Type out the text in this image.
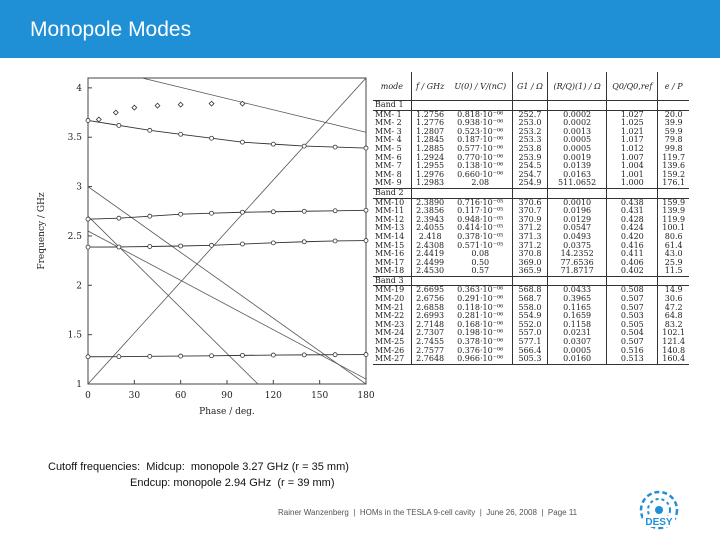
Monopole Modes
0	30	60	90	120	150	180
1
1.5
2
2.5
3
3.5
4
Phase / deg.
Frequency / GHz
mode	f / GHz	U(0) / V/(nC)	G1 / Ω	(R/Q)(1) / Ω	Q0/Q0,ref	e / P
Band 1						
MM- 1	1.2756	0.818·10⁻⁰⁶	252.7	0.0002	1.027	20.0
MM- 2	1.2776	0.938·10⁻⁰⁶	253.0	0.0002	1.025	39.9
MM- 3	1.2807	0.523·10⁻⁰⁶	253.2	0.0013	1.021	59.9
MM- 4	1.2845	0.187·10⁻⁰⁶	253.3	0.0005	1.017	79.8
MM- 5	1.2885	0.577·10⁻⁰⁶	253.8	0.0005	1.012	99.8
MM- 6	1.2924	0.770·10⁻⁰⁶	253.9	0.0019	1.007	119.7
MM- 7	1.2955	0.138·10⁻⁰⁶	254.5	0.0139	1.004	139.6
MM- 8	1.2976	0.660·10⁻⁰⁶	254.7	0.0163	1.001	159.2
MM- 9	1.2983	2.08	254.9	511.0652	1.000	176.1
Band 2						
MM-10	2.3890	0.716·10⁻⁰⁵	370.6	0.0010	0.438	159.9
MM-11	2.3856	0.117·10⁻⁰⁵	370.7	0.0196	0.431	139.9
MM-12	2.3943	0.948·10⁻⁰⁵	370.9	0.0129	0.428	119.9
MM-13	2.4055	0.414·10⁻⁰⁵	371.2	0.0547	0.424	100.1
MM-14	2.418	0.378·10⁻⁰⁵	371.3	0.0493	0.420	80.6
MM-15	2.4308	0.571·10⁻⁰⁵	371.2	0.0375	0.416	61.4
MM-16	2.4419	0.08	370.8	14.2352	0.411	43.0
MM-17	2.4499	0.50	369.0	77.6536	0.406	25.9
MM-18	2.4530	0.57	365.9	71.8717	0.402	11.5
Band 3						
MM-19	2.6695	0.363·10⁻⁰⁶	568.8	0.0433	0.508	14.9
MM-20	2.6756	0.291·10⁻⁰⁶	568.7	0.3965	0.507	30.6
MM-21	2.6858	0.118·10⁻⁰⁶	558.0	0.1165	0.507	47.2
MM-22	2.6993	0.281·10⁻⁰⁶	554.9	0.1659	0.503	64.8
MM-23	2.7148	0.168·10⁻⁰⁶	552.0	0.1158	0.505	83.2
MM-24	2.7307	0.198·10⁻⁰⁶	557.0	0.0231	0.504	102.1
MM-25	2.7455	0.378·10⁻⁰⁶	577.1	0.0307	0.507	121.4
MM-26	2.7577	0.376·10⁻⁰⁶	566.4	0.0005	0.516	140.8
MM-27	2.7648	0.966·10⁻⁰⁶	505.3	0.0160	0.513	160.4
Cutoff frequencies:  Midcup:  monopole 3.27 GHz (r = 35 mm)
Endcup: monopole 2.94 GHz  (r = 39 mm)
Rainer Wanzenberg  |  HOMs in the TESLA 9-cell cavity  |  June 26, 2008  |  Page 11
DESY
